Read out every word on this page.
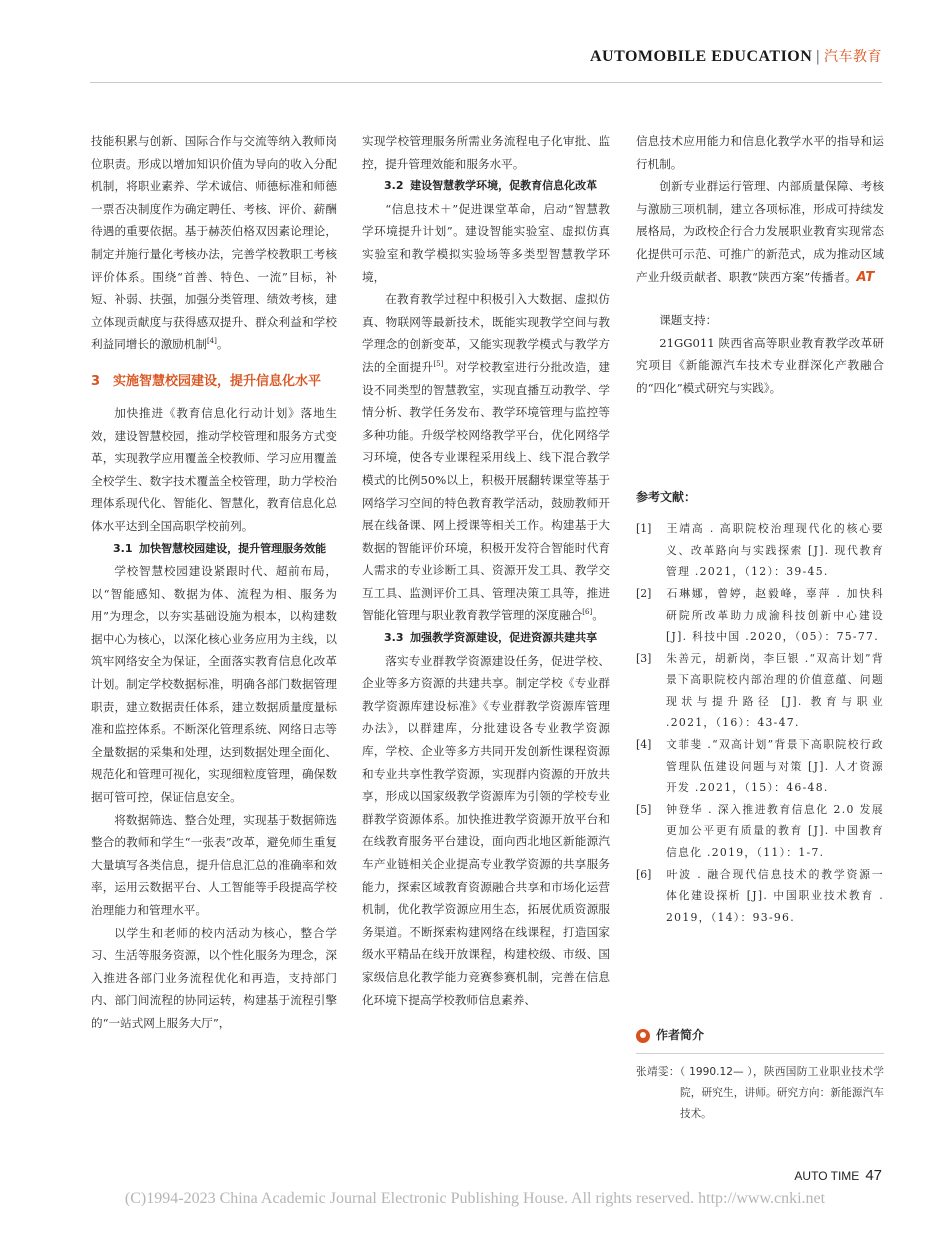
AUTOMOBILE EDUCATION | 汽车教育

技能积累与创新、国际合作与交流等纳入教师岗位职责。形成以增加知识价值为导向的收入分配机制，将职业素养、学术诚信、师德标准和师德一票否决制度作为确定聘任、考核、评价、薪酬待遇的重要依据。基于赫茨伯格双因素论理论，制定并施行量化考核办法，完善学校教职工考核评价体系。围绕“首善、特色、一流”目标，补短、补弱、扶强，加强分类管理、绩效考核，建立体现贡献度与获得感双提升、群众利益和学校利益同增长的激励机制[4]。

3　实施智慧校园建设，提升信息化水平

加快推进《教育信息化行动计划》落地生效，建设智慧校园，推动学校管理和服务方式变革，实现教学应用覆盖全校教师、学习应用覆盖全校学生、数字技术覆盖全校管理，助力学校治理体系现代化、智能化、智慧化，教育信息化总体水平达到全国高职学校前列。

3.1 加快智慧校园建设，提升管理服务效能

学校智慧校园建设紧跟时代、超前布局，以“智能感知、数据为体、流程为相、服务为用”为理念，以夯实基础设施为根本，以构建数据中心为核心，以深化核心业务应用为主线，以筑牢网络安全为保证，全面落实教育信息化改革计划。制定学校数据标准，明确各部门数据管理职责，建立数据责任体系，建立数据质量度量标准和监控体系。不断深化管理系统、网络日志等全量数据的采集和处理，达到数据处理全面化、规范化和管理可视化，实现细粒度管理，确保数据可管可控，保证信息安全。

将数据筛选、整合处理，实现基于数据筛选整合的教师和学生“一张表”改革，避免师生重复大量填写各类信息，提升信息汇总的准确率和效率，运用云数据平台、人工智能等手段提高学校治理能力和管理水平。

以学生和老师的校内活动为核心，整合学习、生活等服务资源，以个性化服务为理念，深入推进各部门业务流程优化和再造，支持部门内、部门间流程的协同运转，构建基于流程引擎的“一站式网上服务大厅”，

实现学校管理服务所需业务流程电子化审批、监控，提升管理效能和服务水平。

3.2 建设智慧教学环境，促教育信息化改革

“信息技术＋”促进课堂革命，启动“智慧教学环境提升计划”。建设智能实验室、虚拟仿真实验室和教学模拟实验场等多类型智慧教学环境，

在教育教学过程中积极引入大数据、虚拟仿真、物联网等最新技术，既能实现教学空间与教学理念的创新变革，又能实现教学模式与教学方法的全面提升[5]。对学校教室进行分批改造，建设不同类型的智慧教室，实现直播互动教学、学情分析、教学任务发布、教学环境管理与监控等多种功能。升级学校网络教学平台，优化网络学习环境，使各专业课程采用线上、线下混合教学模式的比例50%以上，积极开展翻转课堂等基于网络学习空间的特色教育教学活动，鼓励教师开展在线备课、网上授课等相关工作。构建基于大数据的智能评价环境，积极开发符合智能时代育人需求的专业诊断工具、资源开发工具、教学交互工具、监测评价工具、管理决策工具等，推进智能化管理与职业教育教学管理的深度融合[6]。

3.3 加强教学资源建设，促进资源共建共享

落实专业群教学资源建设任务，促进学校、企业等多方资源的共建共享。制定学校《专业群教学资源库建设标准》《专业群教学资源库管理办法》，以群建库，分批建设各专业教学资源库，学校、企业等多方共同开发创新性课程资源和专业共享性教学资源，实现群内资源的开放共享，形成以国家级教学资源库为引领的学校专业群教学资源体系。加快推进教学资源开放平台和在线教育服务平台建设，面向西北地区新能源汽车产业链相关企业提高专业教学资源的共享服务能力，探索区域教育资源融合共享和市场化运营机制，优化教学资源应用生态，拓展优质资源服务渠道。不断探索构建网络在线课程，打造国家级水平精品在线开放课程，构建校级、市级、国家级信息化教学能力竞赛参赛机制，完善在信息化环境下提高学校教师信息素养、

信息技术应用能力和信息化教学水平的指导和运行机制。

创新专业群运行管理、内部质量保障、考核与激励三项机制，建立各项标准，形成可持续发展格局，为政校企行合力发展职业教育实现常态化提供可示范、可推广的新范式，成为推动区域产业升级贡献者、职教“陕西方案”传播者。AT

课题支持：

21GG011 陕西省高等职业教育教学改革研究项目《新能源汽车技术专业群深化产教融合的“四化”模式研究与实践》。

参考文献：

[1] 王靖高 . 高职院校治理现代化的核心要义、改革路向与实践探索 [J]. 现代教育管理 .2021，（12）：39-45.

[2] 石琳娜，曾婷，赵毅峰，辜萍 . 加快科研院所改革助力成渝科技创新中心建设 [J]. 科技中国 .2020，（05）：75-77.

[3] 朱善元，胡新岗，李巨银 .“双高计划”背景下高职院校内部治理的价值意蕴、问题现状与提升路径 [J]. 教育与职业 .2021，（16）：43-47.

[4] 文菲斐 .“双高计划”背景下高职院校行政管理队伍建设问题与对策 [J]. 人才资源开发 .2021，（15）：46-48.

[5] 钟登华 . 深入推进教育信息化 2.0 发展更加公平更有质量的教育 [J]. 中国教育信息化 .2019，（11）：1-7.

[6] 叶波 . 融合现代信息技术的教学资源一体化建设探析 [J]. 中国职业技术教育 . 2019，（14）：93-96.

作者简介
张靖雯：（ 1990.12— ），陕西国防工业职业技术学院，研究生，讲师。研究方向：新能源汽车技术。
AUTO TIME 47
(C)1994-2023 China Academic Journal Electronic Publishing House. All rights reserved. http://www.cnki.net
